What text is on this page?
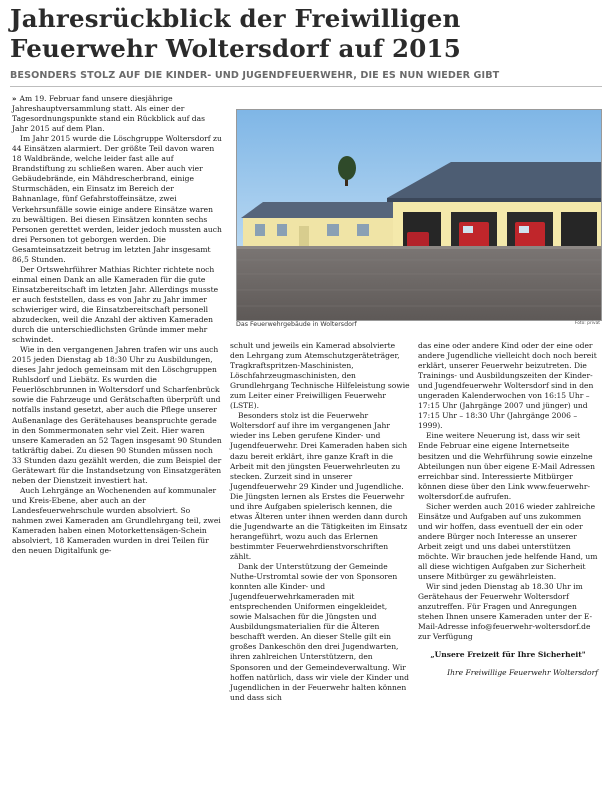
Jahresrückblick der Freiwilligen
Feuerwehr Woltersdorf auf 2015
BESONDERS STOLZ AUF DIE KINDER- UND JUGENDFEUERWEHR, DIE ES NUN WIEDER GIBT

» Am 19. Februar fand unsere diesjährige Jahreshauptversammlung statt. Als einer der Tagesordnungspunkte stand ein Rückblick auf das Jahr 2015 auf dem Plan.

Im Jahr 2015 wurde die Löschgruppe Woltersdorf zu 44 Einsätzen alarmiert. Der größte Teil davon waren 18 Waldbrände, welche leider fast alle auf Brandstiftung zu schließen waren. Aber auch vier Gebäudebrände, ein Mähdrescherbrand, einige Sturmschäden, ein Einsatz im Bereich der Bahnanlage, fünf Gefahrstoffeinsätze, zwei Verkehrsunfälle sowie einige andere Einsätze waren zu bewältigen. Bei diesen Einsätzen konnten sechs Personen gerettet werden, leider jedoch mussten auch drei Personen tot geborgen werden. Die Gesamteinsatzzeit betrug im letzten Jahr insgesamt 86,5 Stunden.

Der Ortswehrführer Mathias Richter richtete noch einmal einen Dank an alle Kameraden für die gute Einsatzbereitschaft im letzten Jahr. Allerdings musste er auch feststellen, dass es von Jahr zu Jahr immer schwieriger wird, die Einsatzbereitschaft personell abzudecken, weil die Anzahl der aktiven Kameraden durch die unterschiedlichsten Gründe immer mehr schwindet.

Wie in den vergangenen Jahren trafen wir uns auch 2015 jeden Dienstag ab 18:30 Uhr zu Ausbildungen, dieses Jahr jedoch gemeinsam mit den Löschgruppen Ruhlsdorf und Liebätz. Es wurden die Feuerlöschbrunnen in Woltersdorf und Scharfenbrück sowie die Fahrzeuge und Gerätschaften überprüft und notfalls instand gesetzt, aber auch die Pflege unserer Außenanlage des Gerätehauses beanspruchte gerade in den Sommermonaten sehr viel Zeit. Hier waren unsere Kameraden an 52 Tagen insgesamt 90 Stunden tatkräftig dabei. Zu diesen 90 Stunden müssen noch 33 Stunden dazu gezählt werden, die zum Beispiel der Gerätewart für die Instandsetzung von Einsatzgeräten neben der Dienstzeit investiert hat.

Auch Lehrgänge an Wochenenden auf kommunaler und Kreis-Ebene, aber auch an der Landesfeuerwehrschule wurden absolviert. So nahmen zwei Kameraden am Grundlehrgang teil, zwei Kameraden haben einen Motorkettensägen-Schein absolviert, 18 Kameraden wurden in drei Teilen für den neuen Digitalfunk ge-

Das Feuerwehrgebäude in Woltersdorf	Foto: privat

schult und jeweils ein Kamerad absolvierte den Lehrgang zum Atemschutzgeräteträger, Tragkraftspritzen-Maschinisten, Löschfahrzeugmaschinisten, den Grundlehrgang Technische Hilfeleistung sowie zum Leiter einer Freiwilligen Feuerwehr (LSTE).

Besonders stolz ist die Feuerwehr Woltersdorf auf ihre im vergangenen Jahr wieder ins Leben gerufene Kinder- und Jugendfeuerwehr. Drei Kameraden haben sich dazu bereit erklärt, ihre ganze Kraft in die Arbeit mit den jüngsten Feuerwehrleuten zu stecken. Zurzeit sind in unserer Jugendfeuerwehr 29 Kinder und Jugendliche. Die Jüngsten lernen als Erstes die Feuerwehr und ihre Aufgaben spielerisch kennen, die etwas Älteren unter ihnen werden dann durch die Jugendwarte an die Tätigkeiten im Einsatz herangeführt, wozu auch das Erlernen bestimmter Feuerwehrdienstvorschriften zählt.

Dank der Unterstützung der Gemeinde Nuthe-Urstromtal sowie der von Sponsoren konnten alle Kinder- und Jugendfeuerwehrkameraden mit entsprechenden Uniformen eingekleidet, sowie Malsachen für die Jüngsten und Ausbildungsmaterialien für die Älteren beschafft werden. An dieser Stelle gilt ein großes Dankeschön den drei Jugendwarten, ihren zahlreichen Unterstützern, den Sponsoren und der Gemeindeverwaltung. Wir hoffen natürlich, dass wir viele der Kinder und Jugendlichen in der Feuerwehr halten können und dass sich

das eine oder andere Kind oder der eine oder andere Jugendliche vielleicht doch noch bereit erklärt, unserer Feuerwehr beizutreten. Die Trainings- und Ausbildungszeiten der Kinder- und Jugendfeuerwehr Woltersdorf sind in den ungeraden Kalenderwochen von 16:15 Uhr – 17:15 Uhr (Jahrgänge 2007 und jünger) und 17:15 Uhr – 18:30 Uhr (Jahrgänge 2006 – 1999).

Eine weitere Neuerung ist, dass wir seit Ende Februar eine eigene Internetseite besitzen und die Wehrführung sowie einzelne Abteilungen nun über eigene E-Mail Adressen erreichbar sind. Interessierte Mitbürger können diese über den Link www.feuerwehr-woltersdorf.de aufrufen.

Sicher werden auch 2016 wieder zahlreiche Einsätze und Aufgaben auf uns zukommen und wir hoffen, dass eventuell der ein oder andere Bürger noch Interesse an unserer Arbeit zeigt und uns dabei unterstützen möchte. Wir brauchen jede helfende Hand, um all diese wichtigen Aufgaben zur Sicherheit unsere Mitbürger zu gewährleisten.

Wir sind jeden Dienstag ab 18.30 Uhr im Gerätehaus der Feuerwehr Woltersdorf anzutreffen. Für Fragen und Anregungen stehen Ihnen unsere Kameraden unter der E-Mail-Adresse info@feuerwehr-woltersdorf.de zur Verfügung

„Unsere Freizeit für Ihre Sicherheit"

Ihre Freiwillige Feuerwehr Woltersdorf
